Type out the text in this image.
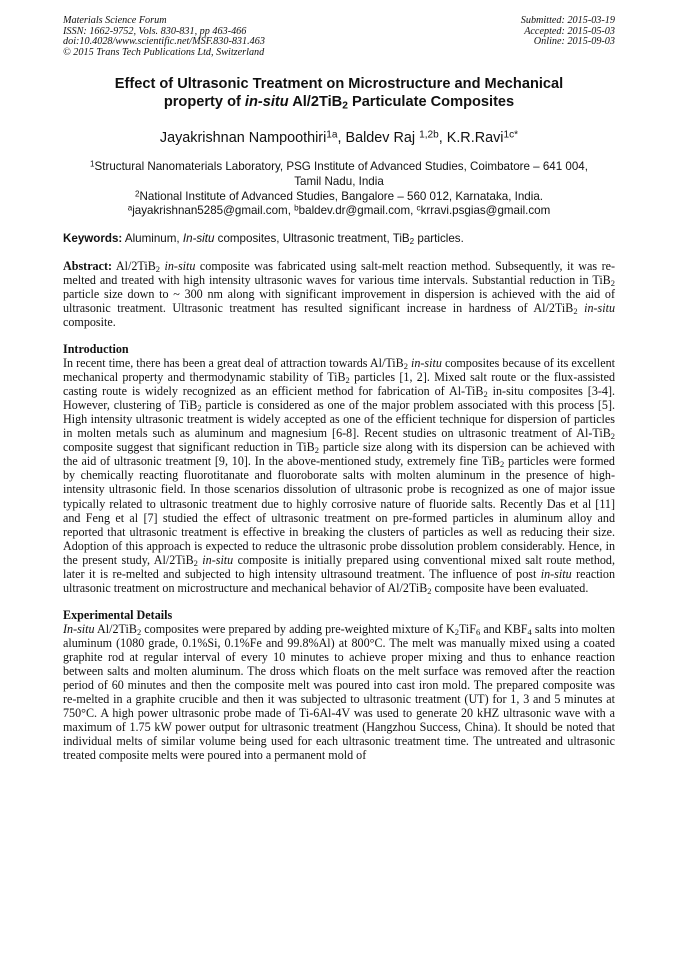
Materials Science Forum
ISSN: 1662-9752, Vols. 830-831, pp 463-466
doi:10.4028/www.scientific.net/MSF.830-831.463
© 2015 Trans Tech Publications Ltd, Switzerland
Submitted: 2015-03-19
Accepted: 2015-05-03
Online: 2015-09-03
Effect of Ultrasonic Treatment on Microstructure and Mechanical
property of in-situ Al/2TiB$_2$ Particulate Composites
Jayakrishnan Nampoothiri$^{1a}$, Baldev Raj $^{1,2b}$, K.R.Ravi$^{1c*}$
$^1$Structural Nanomaterials Laboratory, PSG Institute of Advanced Studies, Coimbatore – 641 004,
Tamil Nadu, India
$^2$National Institute of Advanced Studies, Bangalore – 560 012, Karnataka, India.
$^a$jayakrishnan5285@gmail.com, $^b$baldev.dr@gmail.com, $^c$krravi.psgias@gmail.com
Keywords: Aluminum, In-situ composites, Ultrasonic treatment, TiB$_2$ particles.

Abstract: Al/2TiB$_2$ in-situ composite was fabricated using salt-melt reaction method. Subsequently, it was re-melted and treated with high intensity ultrasonic waves for various time intervals. Substantial reduction in TiB$_2$ particle size down to ~ 300 nm along with significant improvement in dispersion is achieved with the aid of ultrasonic treatment. Ultrasonic treatment has resulted significant increase in hardness of Al/2TiB$_2$ in-situ composite.

Introduction

In recent time, there has been a great deal of attraction towards Al/TiB$_2$ in-situ composites because of its excellent mechanical property and thermodynamic stability of TiB$_2$ particles [1, 2]. Mixed salt route or the flux-assisted casting route is widely recognized as an efficient method for fabrication of Al-TiB$_2$ in-situ composites [3-4]. However, clustering of TiB$_2$ particle is considered as one of the major problem associated with this process [5]. High intensity ultrasonic treatment is widely accepted as one of the efficient technique for dispersion of particles in molten metals such as aluminum and magnesium [6-8]. Recent studies on ultrasonic treatment of Al-TiB$_2$ composite suggest that significant reduction in TiB$_2$ particle size along with its dispersion can be achieved with the aid of ultrasonic treatment [9, 10]. In the above-mentioned study, extremely fine TiB$_2$ particles were formed by chemically reacting fluorotitanate and fluoroborate salts with molten aluminum in the presence of high-intensity ultrasonic field. In those scenarios dissolution of ultrasonic probe is recognized as one of major issue typically related to ultrasonic treatment due to highly corrosive nature of fluoride salts. Recently Das et al [11] and Feng et al [7] studied the effect of ultrasonic treatment on pre-formed particles in aluminum alloy and reported that ultrasonic treatment is effective in breaking the clusters of particles as well as reducing their size. Adoption of this approach is expected to reduce the ultrasonic probe dissolution problem considerably. Hence, in the present study, Al/2TiB$_2$ in-situ composite is initially prepared using conventional mixed salt route method, later it is re-melted and subjected to high intensity ultrasound treatment. The influence of post in-situ reaction ultrasonic treatment on microstructure and mechanical behavior of Al/2TiB$_2$ composite have been evaluated.

Experimental Details

In-situ Al/2TiB$_2$ composites were prepared by adding pre-weighted mixture of $K_2TiF_6$ and $KBF_4$ salts into molten aluminum (1080 grade, 0.1%Si, 0.1%Fe and 99.8%Al) at 800°C. The melt was manually mixed using a coated graphite rod at regular interval of every 10 minutes to achieve proper mixing and thus to enhance reaction between salts and molten aluminum. The dross which floats on the melt surface was removed after the reaction period of 60 minutes and then the composite melt was poured into cast iron mold. The prepared composite was re-melted in a graphite crucible and then it was subjected to ultrasonic treatment (UT) for 1, 3 and 5 minutes at 750°C. A high power ultrasonic probe made of Ti-6Al-4V was used to generate 20 kHZ ultrasonic wave with a maximum of 1.75 kW power output for ultrasonic treatment (Hangzhou Success, China). It should be noted that individual melts of similar volume being used for each ultrasonic treatment time. The untreated and ultrasonic treated composite melts were poured into a permanent mold of
